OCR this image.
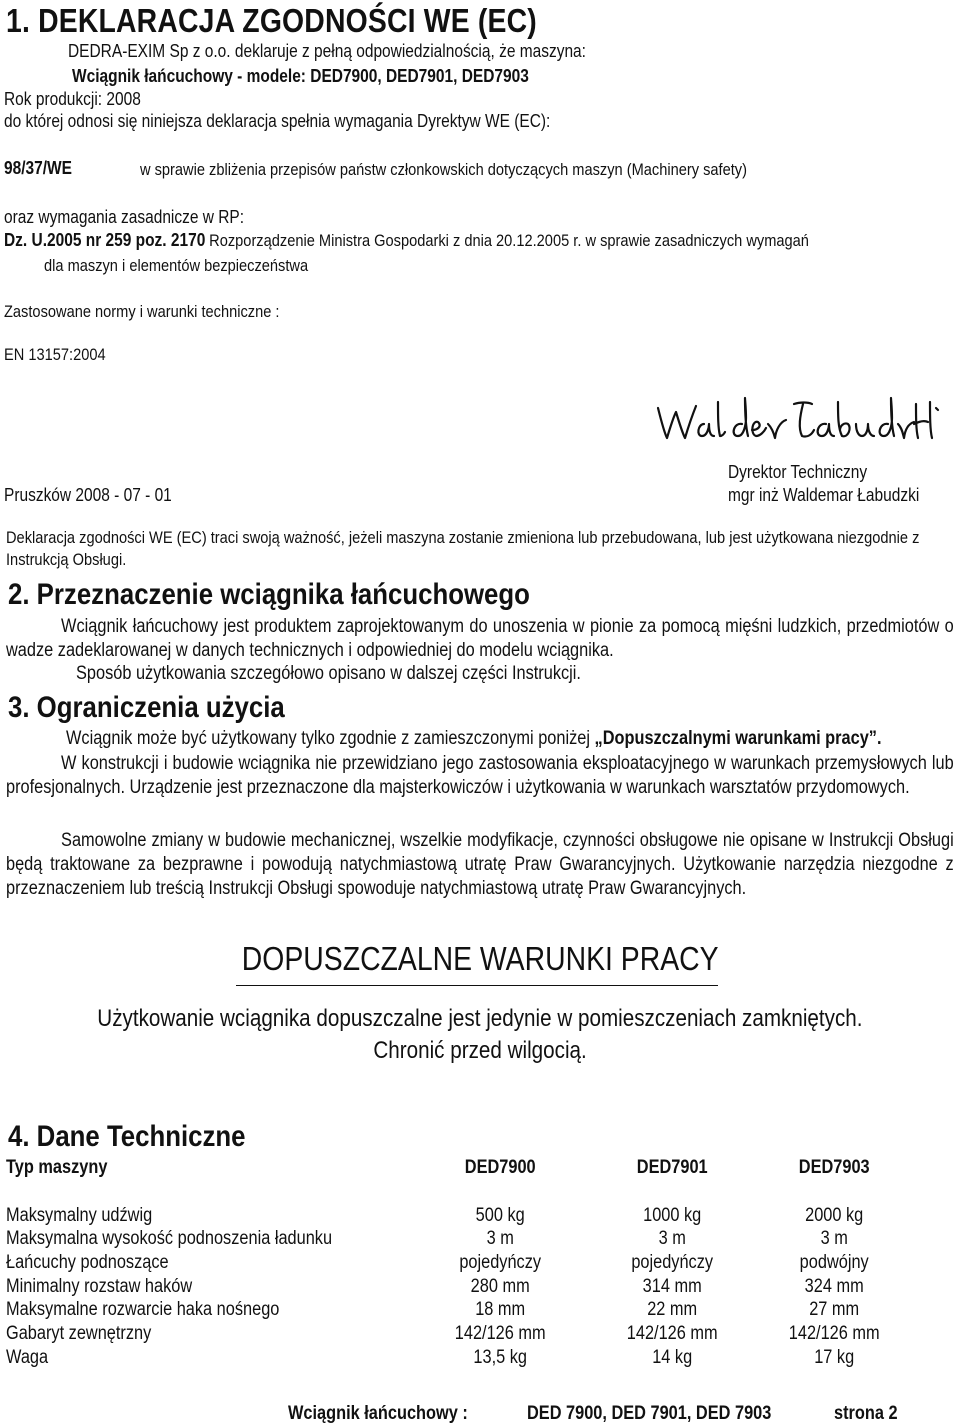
1. DEKLARACJA ZGODNOŚCI WE (EC)
DEDRA-EXIM Sp z o.o. deklaruje z pełną odpowiedzialnością, że maszyna:
Wciągnik łańcuchowy - modele: DED7900, DED7901, DED7903
Rok produkcji: 2008
do której odnosi się niniejsza deklaracja spełnia wymagania Dyrektyw WE (EC):
98/37/WE	w sprawie zbliżenia przepisów państw członkowskich dotyczących maszyn (Machinery safety)
oraz wymagania zasadnicze w RP:
Dz. U.2005 nr 259 poz. 2170 Rozporządzenie Ministra Gospodarki z dnia 20.12.2005 r. w sprawie zasadniczych wymagań
dla maszyn i elementów bezpieczeństwa
Zastosowane normy i warunki techniczne :
EN 13157:2004
Dyrektor Techniczny
Pruszków 2008 - 07 - 01	mgr inż Waldemar Łabudzki
Deklaracja zgodności WE (EC) traci swoją ważność, jeżeli maszyna zostanie zmieniona lub przebudowana, lub jest użytkowana niezgodnie z Instrukcją Obsługi.
2. Przeznaczenie wciągnika łańcuchowego
Wciągnik łańcuchowy jest produktem zaprojektowanym do unoszenia w pionie za pomocą mięśni ludzkich, przedmiotów o wadze zadeklarowanej w danych technicznych i odpowiedniej do modelu wciągnika.
Sposób użytkowania szczegółowo opisano w dalszej części Instrukcji.
3. Ograniczenia użycia
Wciągnik może być użytkowany tylko zgodnie z zamieszczonymi poniżej „Dopuszczalnymi warunkami pracy”.
W konstrukcji i budowie wciągnika nie przewidziano jego zastosowania eksploatacyjnego w warunkach przemysłowych lub profesjonalnych. Urządzenie jest przeznaczone dla majsterkowiczów i użytkowania w warunkach warsztatów przydomowych.
Samowolne zmiany w budowie mechanicznej, wszelkie modyfikacje, czynności obsługowe nie opisane w Instrukcji Obsługi będą traktowane za bezprawne i powodują natychmiastową utratę Praw Gwarancyjnych. Użytkowanie narzędzia niezgodne z przeznaczeniem lub treścią Instrukcji Obsługi spowoduje natychmiastową utratę Praw Gwarancyjnych.
DOPUSZCZALNE WARUNKI PRACY
Użytkowanie wciągnika dopuszczalne jest jedynie w pomieszczeniach zamkniętych.
Chronić przed wilgocią.
4. Dane Techniczne
Typ maszyny	DED7900	DED7901	DED7903
Maksymalny udźwig	500 kg	1000 kg	2000 kg
Maksymalna wysokość podnoszenia ładunku	3 m	3 m	3 m
Łańcuchy podnoszące	pojedyńczy	pojedyńczy	podwójny
Minimalny rozstaw haków	280 mm	314 mm	324 mm
Maksymalne rozwarcie haka nośnego	18 mm	22 mm	27 mm
Gabaryt zewnętrzny	142/126 mm	142/126 mm	142/126 mm
Waga	13,5 kg	14 kg	17 kg
Wciągnik łańcuchowy :	DED 7900, DED 7901, DED 7903	strona 2
